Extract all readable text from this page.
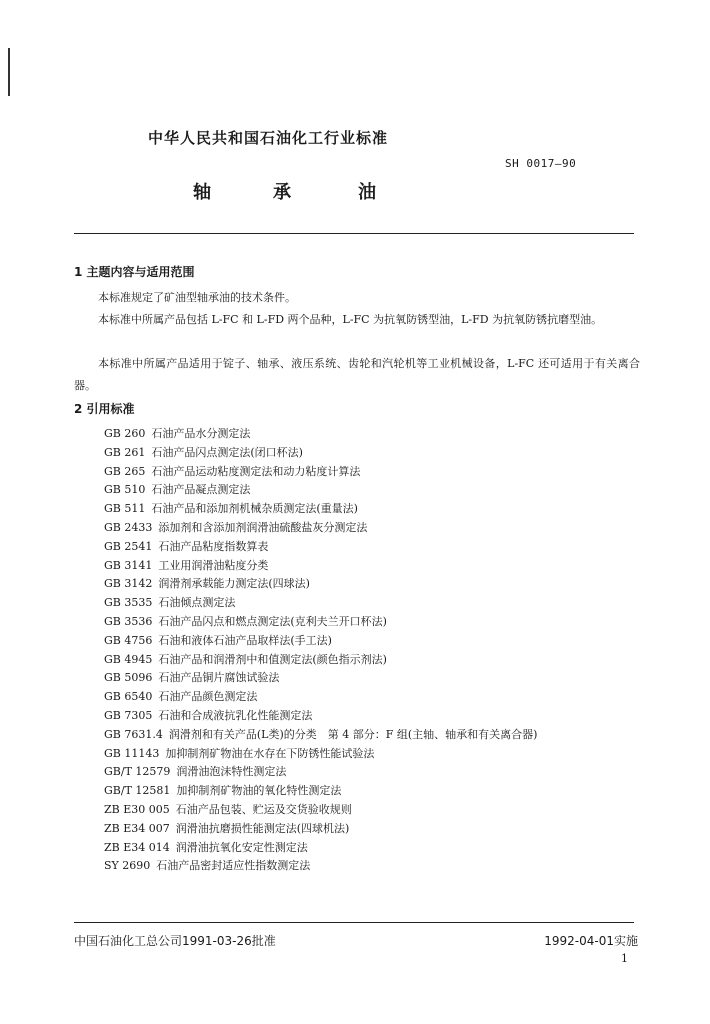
中华人民共和国石油化工行业标准
SH 0017—90
轴	承	油
1 主题内容与适用范围
本标准规定了矿油型轴承油的技术条件。
本标准中所属产品包括 L-FC 和 L-FD 两个品种，L-FC 为抗氧防锈型油，L-FD 为抗氧防锈抗磨型油。
本标准中所属产品适用于锭子、轴承、液压系统、齿轮和汽轮机等工业机械设备，L-FC 还可适用于有关离合器。
2 引用标准
GB 260 石油产品水分测定法
GB 261 石油产品闪点测定法(闭口杯法)
GB 265 石油产品运动粘度测定法和动力粘度计算法
GB 510 石油产品凝点测定法
GB 511 石油产品和添加剂机械杂质测定法(重量法)
GB 2433 添加剂和含添加剂润滑油硫酸盐灰分测定法
GB 2541 石油产品粘度指数算表
GB 3141 工业用润滑油粘度分类
GB 3142 润滑剂承载能力测定法(四球法)
GB 3535 石油倾点测定法
GB 3536 石油产品闪点和燃点测定法(克利夫兰开口杯法)
GB 4756 石油和液体石油产品取样法(手工法)
GB 4945 石油产品和润滑剂中和值测定法(颜色指示剂法)
GB 5096 石油产品铜片腐蚀试验法
GB 6540 石油产品颜色测定法
GB 7305 石油和合成液抗乳化性能测定法
GB 7631.4 润滑剂和有关产品(L类)的分类　第 4 部分：F 组(主轴、轴承和有关离合器)
GB 11143 加抑制剂矿物油在水存在下防锈性能试验法
GB/T 12579 润滑油泡沫特性测定法
GB/T 12581 加抑制剂矿物油的氧化特性测定法
ZB E30 005 石油产品包装、贮运及交货验收规则
ZB E34 007 润滑油抗磨损性能测定法(四球机法)
ZB E34 014 润滑油抗氧化安定性测定法
SY 2690 石油产品密封适应性指数测定法
中国石油化工总公司1991-03-26批准	1992-04-01实施
1
